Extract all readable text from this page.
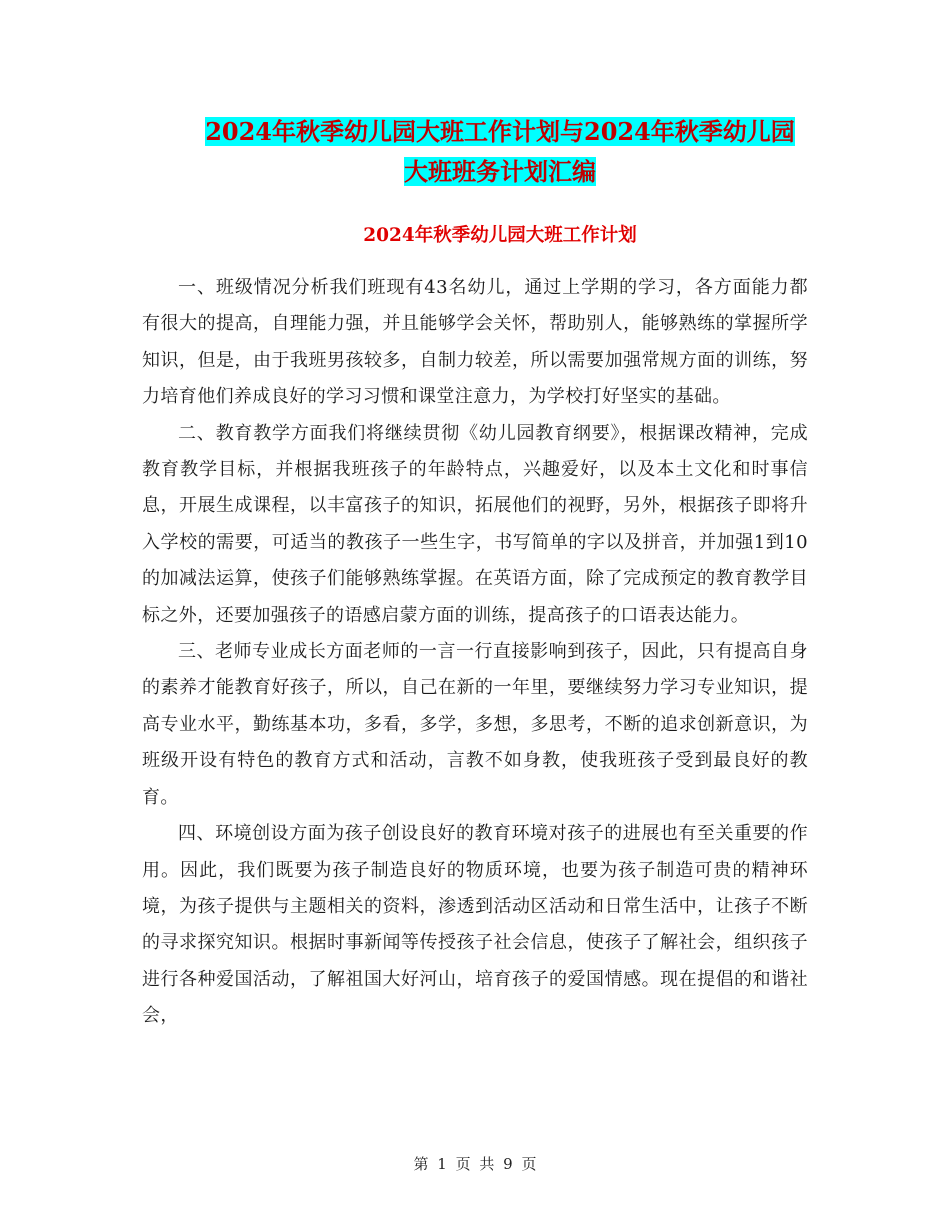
2024年秋季幼儿园大班工作计划与2024年秋季幼儿园
大班班务计划汇编
2024年秋季幼儿园大班工作计划

一、班级情况分析我们班现有43名幼儿，通过上学期的学习，各方面能力都有很大的提高，自理能力强，并且能够学会关怀，帮助别人，能够熟练的掌握所学知识，但是，由于我班男孩较多，自制力较差，所以需要加强常规方面的训练，努力培育他们养成良好的学习习惯和课堂注意力，为学校打好坚实的基础。

二、教育教学方面我们将继续贯彻《幼儿园教育纲要》，根据课改精神，完成教育教学目标，并根据我班孩子的年龄特点，兴趣爱好，以及本土文化和时事信息，开展生成课程，以丰富孩子的知识，拓展他们的视野，另外，根据孩子即将升入学校的需要，可适当的教孩子一些生字，书写简单的字以及拼音，并加强1到10的加减法运算，使孩子们能够熟练掌握。在英语方面，除了完成预定的教育教学目标之外，还要加强孩子的语感启蒙方面的训练，提高孩子的口语表达能力。

三、老师专业成长方面老师的一言一行直接影响到孩子，因此，只有提高自身的素养才能教育好孩子，所以，自己在新的一年里，要继续努力学习专业知识，提高专业水平，勤练基本功，多看，多学，多想，多思考，不断的追求创新意识，为班级开设有特色的教育方式和活动，言教不如身教，使我班孩子受到最良好的教育。

四、环境创设方面为孩子创设良好的教育环境对孩子的进展也有至关重要的作用。因此，我们既要为孩子制造良好的物质环境，也要为孩子制造可贵的精神环境，为孩子提供与主题相关的资料，渗透到活动区活动和日常生活中，让孩子不断的寻求探究知识。根据时事新闻等传授孩子社会信息，使孩子了解社会，组织孩子进行各种爱国活动，了解祖国大好河山，培育孩子的爱国情感。现在提倡的和谐社会，

第 1 页 共 9 页
